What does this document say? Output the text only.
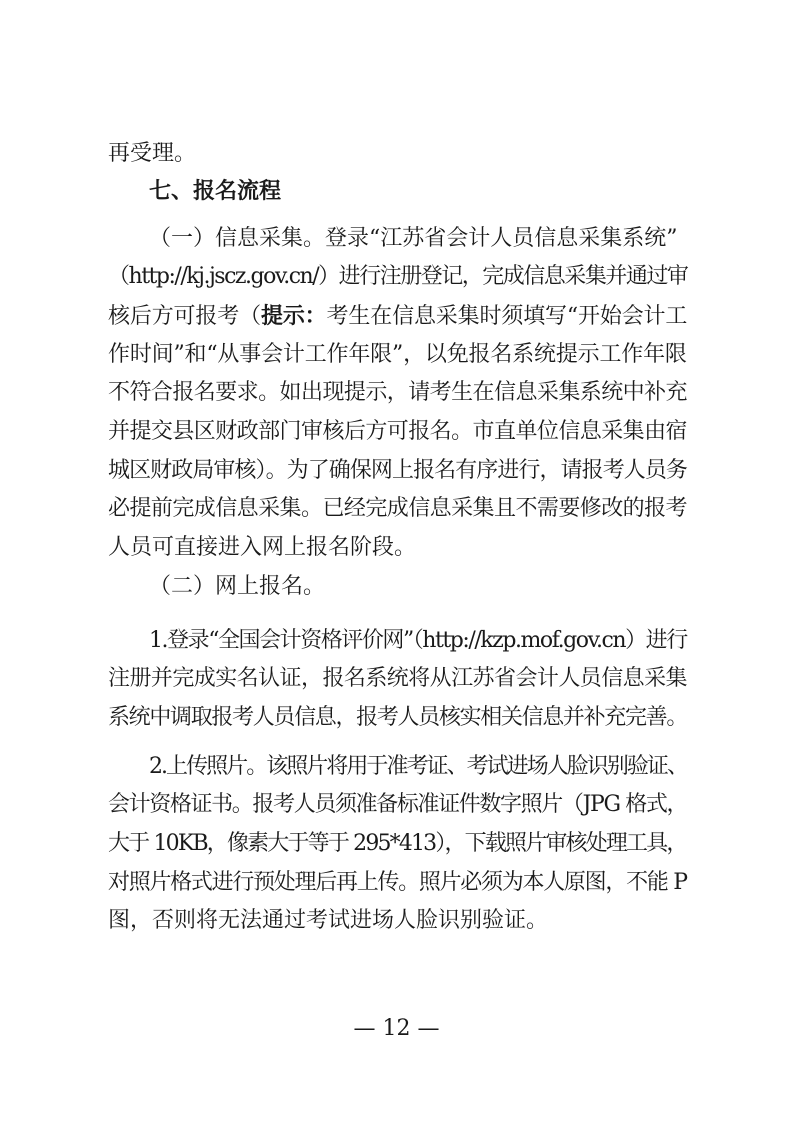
再受理。
七、报名流程
（一）信息采集。登录“江苏省会计人员信息采集系统”
（http://kj.jscz.gov.cn/）进行注册登记，完成信息采集并通过审
核后方可报考（提示：考生在信息采集时须填写“开始会计工
作时间”和“从事会计工作年限”，以免报名系统提示工作年限
不符合报名要求。如出现提示，请考生在信息采集系统中补充
并提交县区财政部门审核后方可报名。市直单位信息采集由宿
城区财政局审核）。为了确保网上报名有序进行，请报考人员务
必提前完成信息采集。已经完成信息采集且不需要修改的报考
人员可直接进入网上报名阶段。
（二）网上报名。
1.登录“全国会计资格评价网”（http://kzp.mof.gov.cn）进行
注册并完成实名认证，报名系统将从江苏省会计人员信息采集
系统中调取报考人员信息，报考人员核实相关信息并补充完善。
2.上传照片。该照片将用于准考证、考试进场人脸识别验证、
会计资格证书。报考人员须准备标准证件数字照片（JPG 格式，
大于 10KB，像素大于等于 295*413），下载照片审核处理工具，
对照片格式进行预处理后再上传。照片必须为本人原图，不能 P
图，否则将无法通过考试进场人脸识别验证。
— 12 —
